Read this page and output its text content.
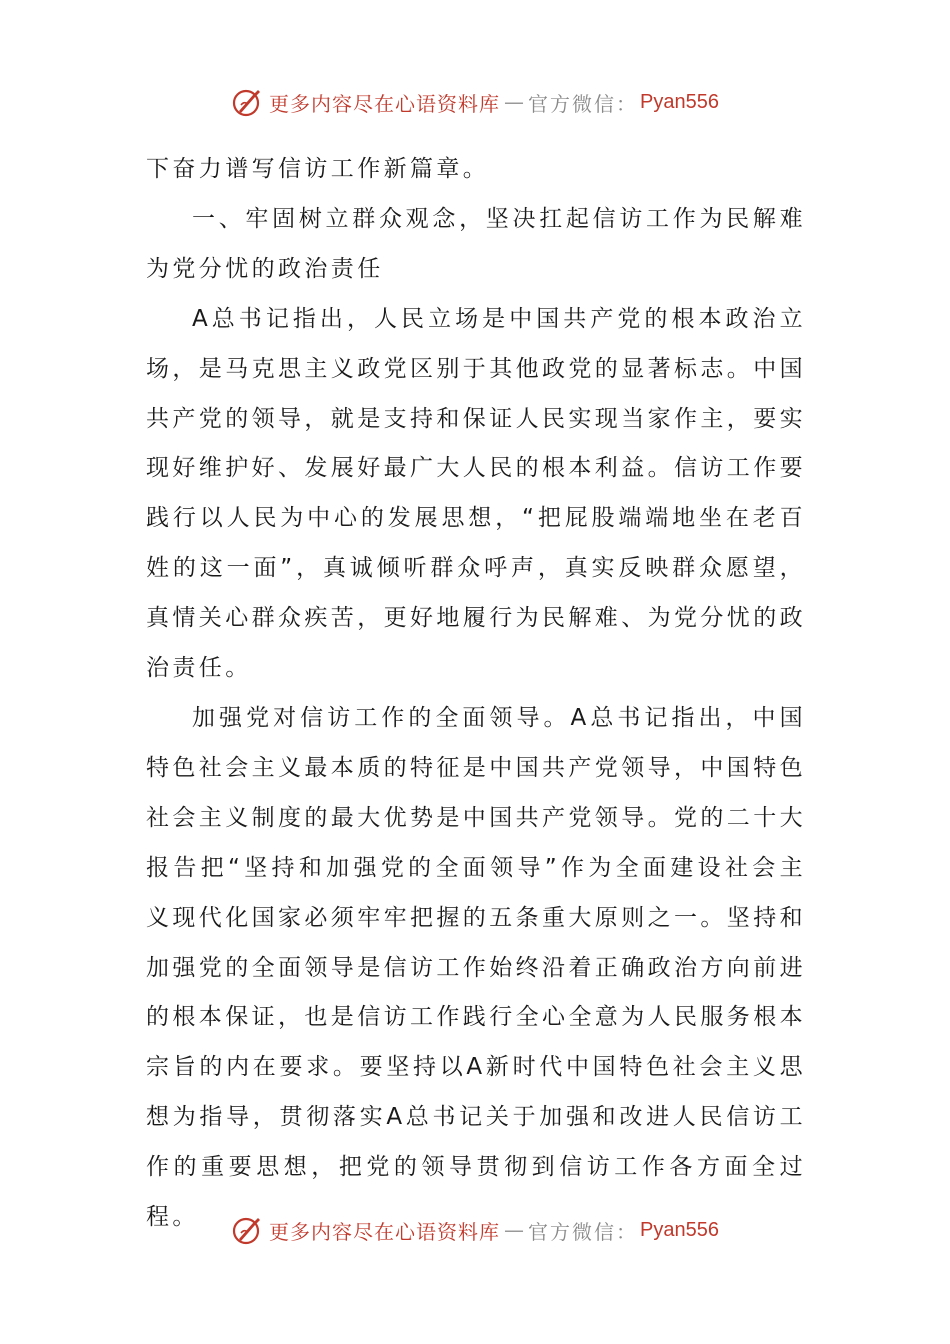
更多内容尽在心语资料库 — 官方微信： Pyan556

下奋力谱写信访工作新篇章。

一、牢固树立群众观念，坚决扛起信访工作为民解难为党分忧的政治责任

A总书记指出，人民立场是中国共产党的根本政治立场，是马克思主义政党区别于其他政党的显著标志。中国共产党的领导，就是支持和保证人民实现当家作主，要实现好维护好、发展好最广大人民的根本利益。信访工作要践行以人民为中心的发展思想，“把屁股端端地坐在老百姓的这一面”，真诚倾听群众呼声，真实反映群众愿望，真情关心群众疾苦，更好地履行为民解难、为党分忧的政治责任。

加强党对信访工作的全面领导。A总书记指出，中国特色社会主义最本质的特征是中国共产党领导，中国特色社会主义制度的最大优势是中国共产党领导。党的二十大报告把“坚持和加强党的全面领导”作为全面建设社会主义现代化国家必须牢牢把握的五条重大原则之一。坚持和加强党的全面领导是信访工作始终沿着正确政治方向前进的根本保证，也是信访工作践行全心全意为人民服务根本宗旨的内在要求。要坚持以A新时代中国特色社会主义思想为指导，贯彻落实A总书记关于加强和改进人民信访工作的重要思想，把党的领导贯彻到信访工作各方面全过程。

更多内容尽在心语资料库 — 官方微信： Pyan556
